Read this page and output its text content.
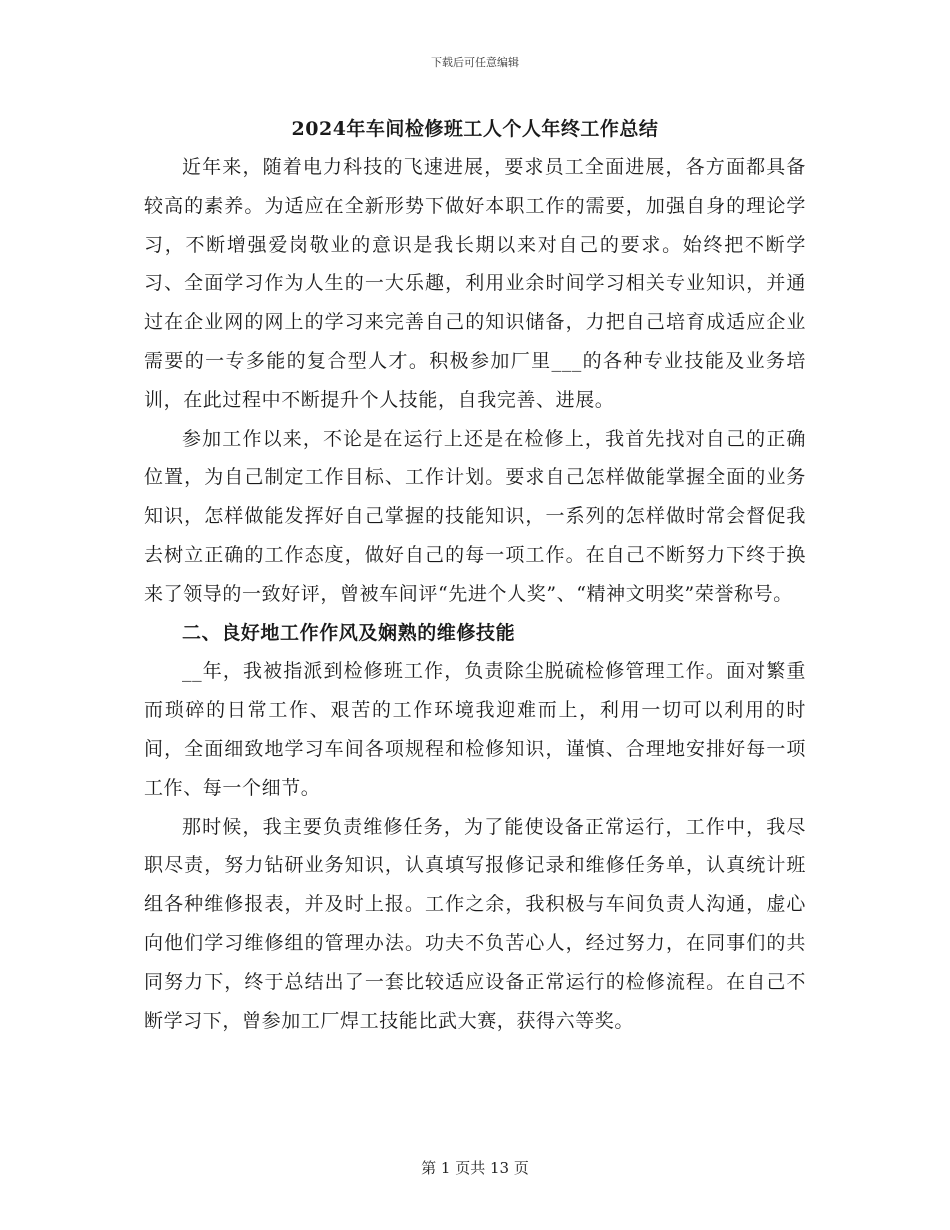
下载后可任意编辑
2024年车间检修班工人个人年终工作总结

近年来，随着电力科技的飞速进展，要求员工全面进展，各方面都具备较高的素养。为适应在全新形势下做好本职工作的需要，加强自身的理论学习，不断增强爱岗敬业的意识是我长期以来对自己的要求。始终把不断学习、全面学习作为人生的一大乐趣，利用业余时间学习相关专业知识，并通过在企业网的网上的学习来完善自己的知识储备，力把自己培育成适应企业需要的一专多能的复合型人才。积极参加厂里___的各种专业技能及业务培训，在此过程中不断提升个人技能，自我完善、进展。

参加工作以来，不论是在运行上还是在检修上，我首先找对自己的正确位置，为自己制定工作目标、工作计划。要求自己怎样做能掌握全面的业务知识，怎样做能发挥好自己掌握的技能知识，一系列的怎样做时常会督促我去树立正确的工作态度，做好自己的每一项工作。在自己不断努力下终于换来了领导的一致好评，曾被车间评“先进个人奖”、“精神文明奖”荣誉称号。

二、良好地工作作风及娴熟的维修技能

__年，我被指派到检修班工作，负责除尘脱硫检修管理工作。面对繁重而琐碎的日常工作、艰苦的工作环境我迎难而上，利用一切可以利用的时间，全面细致地学习车间各项规程和检修知识，谨慎、合理地安排好每一项工作、每一个细节。

那时候，我主要负责维修任务，为了能使设备正常运行，工作中，我尽职尽责，努力钻研业务知识，认真填写报修记录和维修任务单，认真统计班组各种维修报表，并及时上报。工作之余，我积极与车间负责人沟通，虚心向他们学习维修组的管理办法。功夫不负苦心人，经过努力，在同事们的共同努力下，终于总结出了一套比较适应设备正常运行的检修流程。在自己不断学习下，曾参加工厂焊工技能比武大赛，获得六等奖。

第 1 页共 13 页
